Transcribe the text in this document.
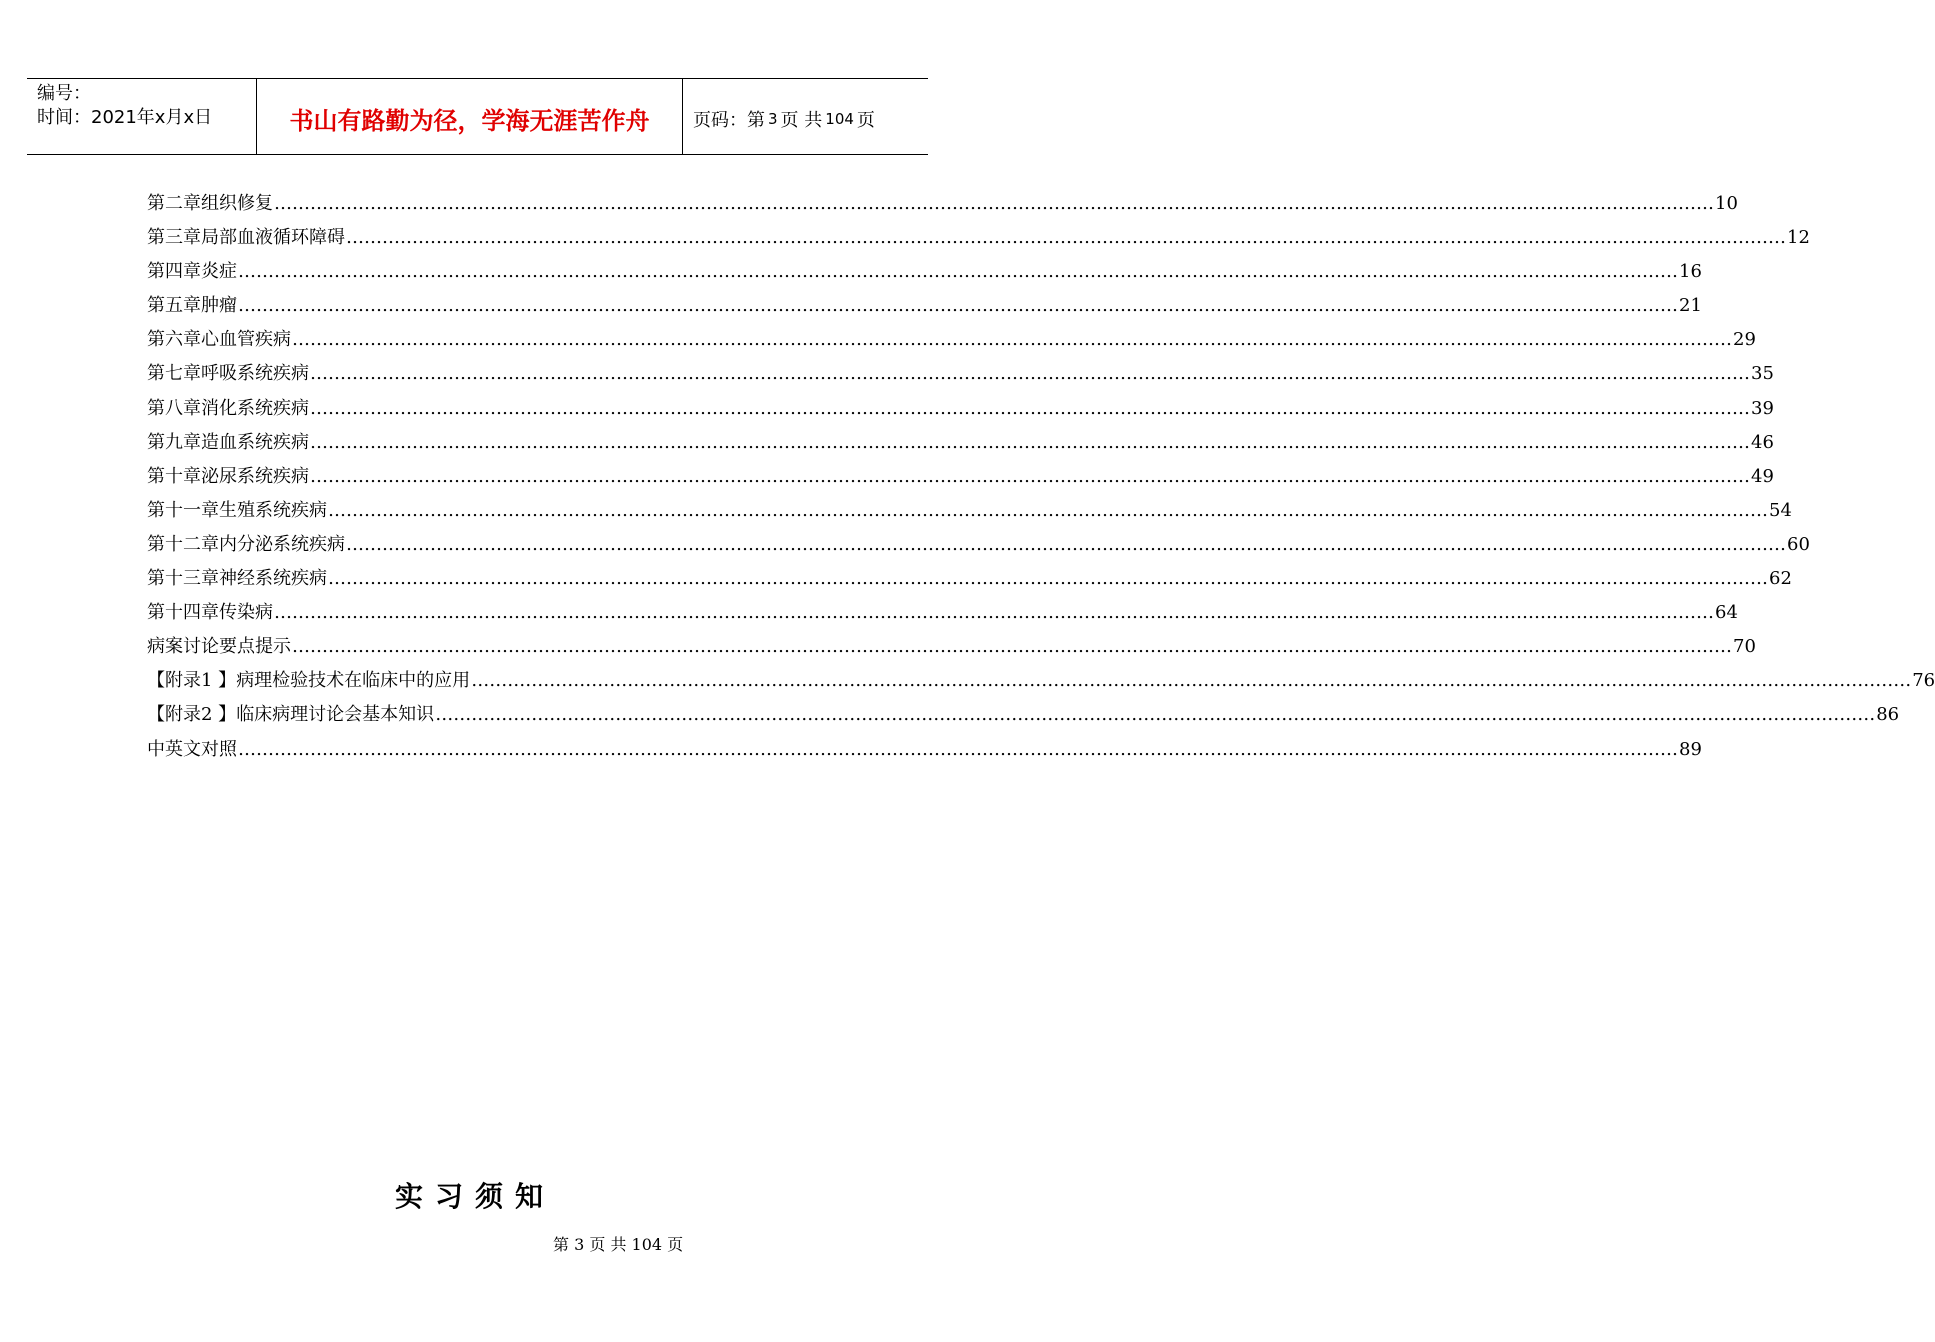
编号：
时间：2021年x月x日	书山有路勤为径，学海无涯苦作舟	页码：第 3 页 共 104 页
第二章 组织修复 …………………………………………………………………………………………………………………………………………………………………………………………………………………… 10
第三章 局部血液循环障碍 …………………………………………………………………………………………………………………………………………………………………………………………………………………… 12
第四章 炎症 …………………………………………………………………………………………………………………………………………………………………………………………………………………… 16
第五章 肿瘤 …………………………………………………………………………………………………………………………………………………………………………………………………………………… 21
第六章 心血管疾病 …………………………………………………………………………………………………………………………………………………………………………………………………………………… 29
第七章 呼吸系统疾病 …………………………………………………………………………………………………………………………………………………………………………………………………………………… 35
第八章 消化系统疾病 …………………………………………………………………………………………………………………………………………………………………………………………………………………… 39
第九章 造血系统疾病 …………………………………………………………………………………………………………………………………………………………………………………………………………………… 46
第十章 泌尿系统疾病 …………………………………………………………………………………………………………………………………………………………………………………………………………………… 49
第十一章 生殖系统疾病 …………………………………………………………………………………………………………………………………………………………………………………………………………………… 54
第十二章 内分泌系统疾病 …………………………………………………………………………………………………………………………………………………………………………………………………………………… 60
第十三章 神经系统疾病 …………………………………………………………………………………………………………………………………………………………………………………………………………………… 62
第十四章 传染病 …………………………………………………………………………………………………………………………………………………………………………………………………………………… 64
病案讨论要点提示 …………………………………………………………………………………………………………………………………………………………………………………………………………………… 70
【附录1 】 病理检验技术在临床中的应用 …………………………………………………………………………………………………………………………………………………………………………………………………………………… 76
【附录2 】 临床病理讨论会基本知识 …………………………………………………………………………………………………………………………………………………………………………………………………………………… 86
中英文对照 …………………………………………………………………………………………………………………………………………………………………………………………………………………… 89
实习须知
第 3 页 共 104 页
